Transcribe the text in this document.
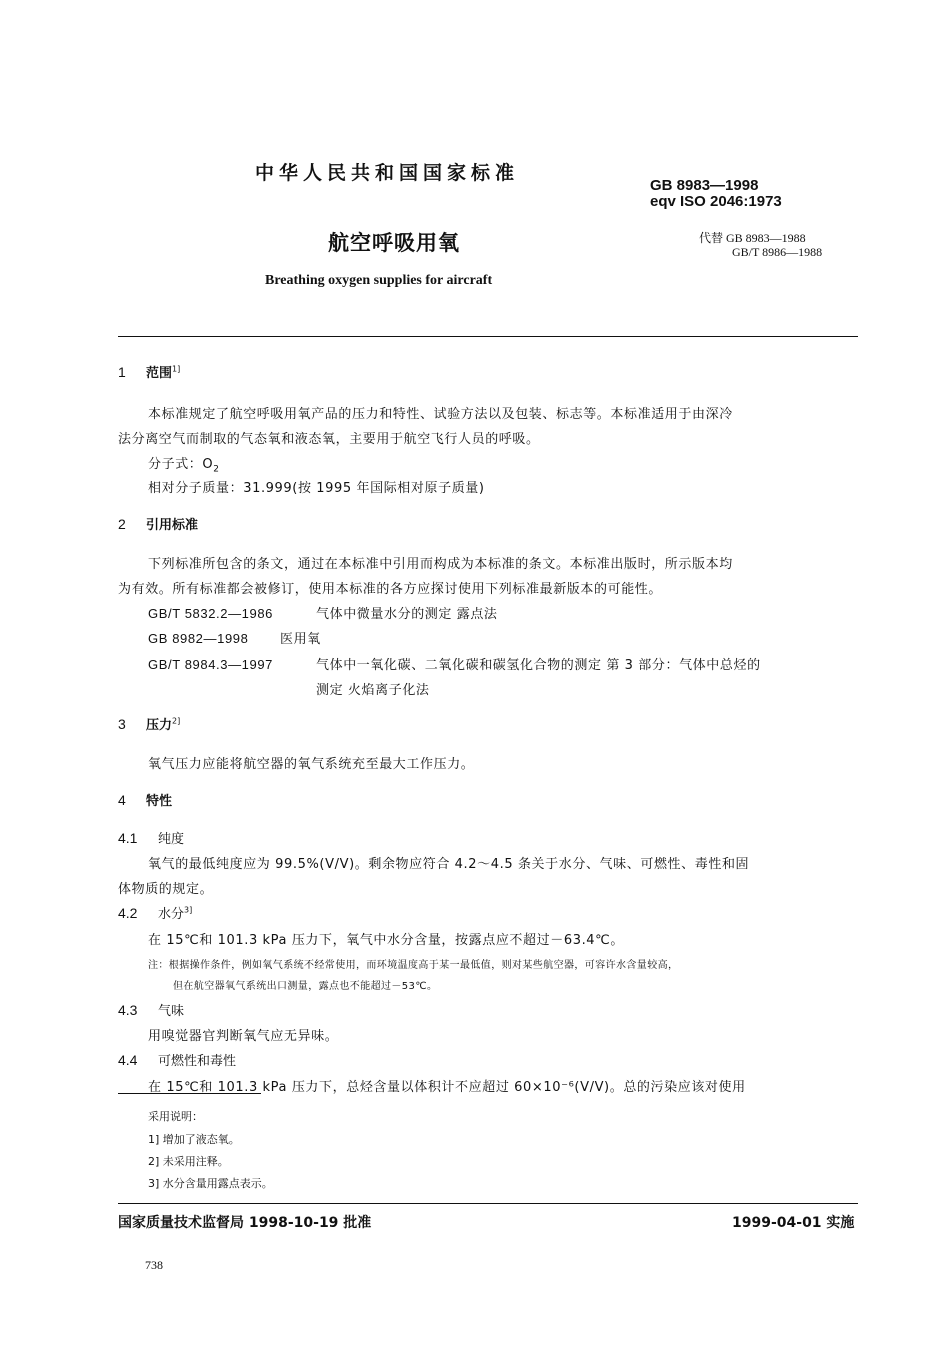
中华人民共和国国家标准
GB 8983—1998
eqv ISO 2046:1973
航空呼吸用氧	代替 GB 8983—1988
GB/T 8986—1988
Breathing oxygen supplies for aircraft
1 范围$^{1]}$
本标准规定了航空呼吸用氧产品的压力和特性、试验方法以及包装、标志等。本标准适用于由深冷
法分离空气而制取的气态氧和液态氧，主要用于航空飞行人员的呼吸。
分子式：$O_2$
相对分子质量：31.999(按 1995 年国际相对原子质量)
2 引用标准
下列标准所包含的条文，通过在本标准中引用而构成为本标准的条文。本标准出版时，所示版本均
为有效。所有标准都会被修订，使用本标准的各方应探讨使用下列标准最新版本的可能性。
GB/T 5832.2—1986	气体中微量水分的测定 露点法
GB 8982—1998 医用氧
GB/T 8984.3—1997	气体中一氧化碳、二氧化碳和碳氢化合物的测定 第 3 部分：气体中总烃的
测定 火焰离子化法
3 压力$^{2]}$
氧气压力应能将航空器的氧气系统充至最大工作压力。
4 特性
4.1 纯度
氧气的最低纯度应为 99.5%(V/V)。剩余物应符合 4.2～4.5 条关于水分、气味、可燃性、毒性和固
体物质的规定。
4.2 水分$^{3]}$
在 15℃和 101.3 kPa 压力下，氧气中水分含量，按露点应不超过－63.4℃。
注：根据操作条件，例如氧气系统不经常使用，而环境温度高于某一最低值，则对某些航空器，可容许水含量较高，
但在航空器氧气系统出口测量，露点也不能超过－53℃。
4.3 气味
用嗅觉器官判断氧气应无异味。
4.4 可燃性和毒性
在 15℃和 101.3 kPa 压力下，总烃含量以体积计不应超过 60×10⁻⁶(V/V)。总的污染应该对使用
采用说明：
1] 增加了液态氧。
2] 未采用注释。
3] 水分含量用露点表示。
国家质量技术监督局 1998-10-19 批准	1999-04-01 实施
738
